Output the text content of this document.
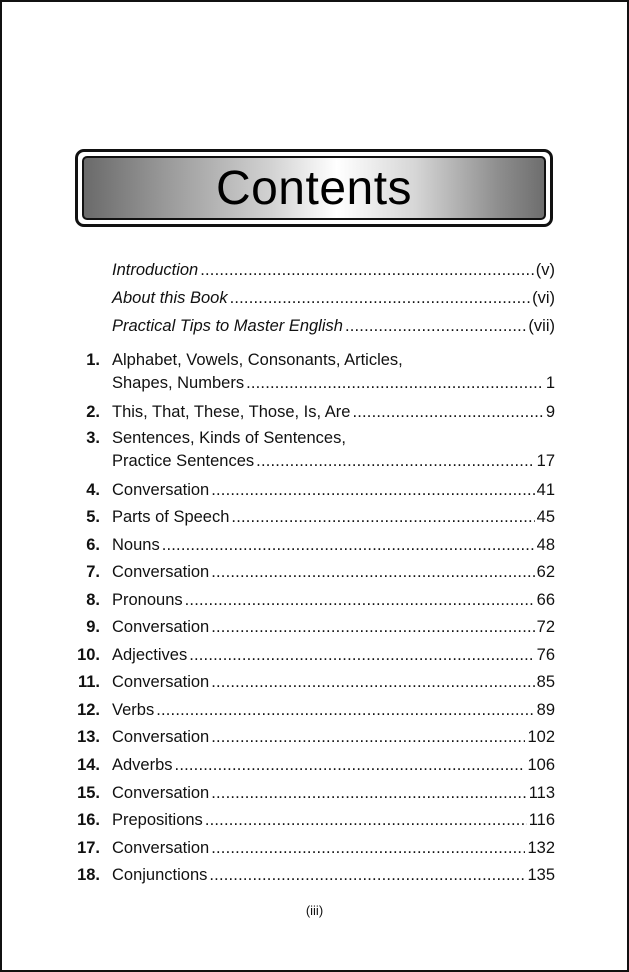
Contents
Introduction .....	(v)
About this Book .....	(vi)
Practical Tips to Master English .....	(vii)
1. Alphabet, Vowels, Consonants, Articles,
Shapes, Numbers .....	1
2. This, That, These, Those, Is, Are .....	9
3. Sentences, Kinds of Sentences,
Practice Sentences .....	17
4. Conversation .....	41
5. Parts of Speech .....	45
6. Nouns .....	48
7. Conversation .....	62
8. Pronouns .....	66
9. Conversation .....	72
10. Adjectives .....	76
11. Conversation .....	85
12. Verbs .....	89
13. Conversation .....	102
14. Adverbs .....	106
15. Conversation .....	113
16. Prepositions .....	116
17. Conversation .....	132
18. Conjunctions .....	135
(iii)
